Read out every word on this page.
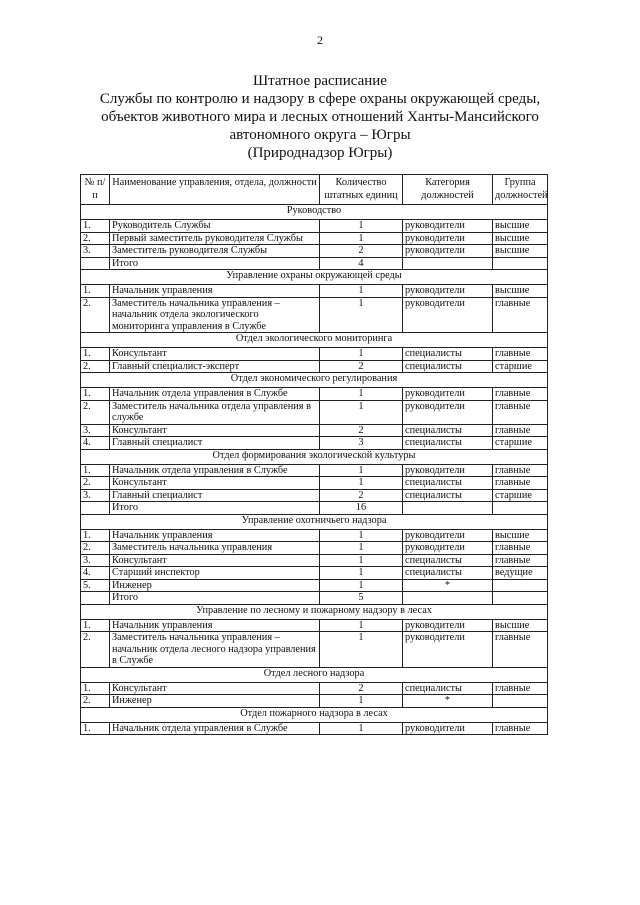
2
Штатное расписание
Службы по контролю и надзору в сфере охраны окружающей среды,
объектов животного мира и лесных отношений Ханты-Мансийского
автономного округа – Югры
(Природнадзор Югры)
№ п/п	Наименование управления, отдела, должности	Количество штатных единиц	Категория должностей	Группа должностей
Руководство				
1.	Руководитель Службы	1	руководители	высшие
2.	Первый заместитель руководителя Службы	1	руководители	высшие
3.	Заместитель руководителя Службы	2	руководители	высшие
	Итого	4		
Управление охраны окружающей среды				
1.	Начальник управления	1	руководители	высшие
2.	Заместитель начальника управления – начальник отдела экологического мониторинга управления в Службе	1	руководители	главные
Отдел экологического мониторинга				
1.	Консультант	1	специалисты	главные
2.	Главный специалист-эксперт	2	специалисты	старшие
Отдел экономического регулирования				
1.	Начальник отдела управления в Службе	1	руководители	главные
2.	Заместитель начальника отдела управления в службе	1	руководители	главные
3.	Консультант	2	специалисты	главные
4.	Главный специалист	3	специалисты	старшие
Отдел формирования экологической культуры				
1.	Начальник отдела управления в Службе	1	руководители	главные
2.	Консультант	1	специалисты	главные
3.	Главный специалист	2	специалисты	старшие
	Итого	16		
Управление охотничьего надзора				
1.	Начальник управления	1	руководители	высшие
2.	Заместитель начальника управления	1	руководители	главные
3.	Консультант	1	специалисты	главные
4.	Старший инспектор	1	специалисты	ведущие
5.	Инженер	1	*	
	Итого	5		
Управление по лесному и пожарному надзору в лесах				
1.	Начальник управления	1	руководители	высшие
2.	Заместитель начальника управления – начальник отдела лесного надзора управления в Службе	1	руководители	главные
Отдел лесного надзора				
1.	Консультант	2	специалисты	главные
2.	Инженер	1	*	
Отдел пожарного надзора в лесах				
1.	Начальник отдела управления в Службе	1	руководители	главные
